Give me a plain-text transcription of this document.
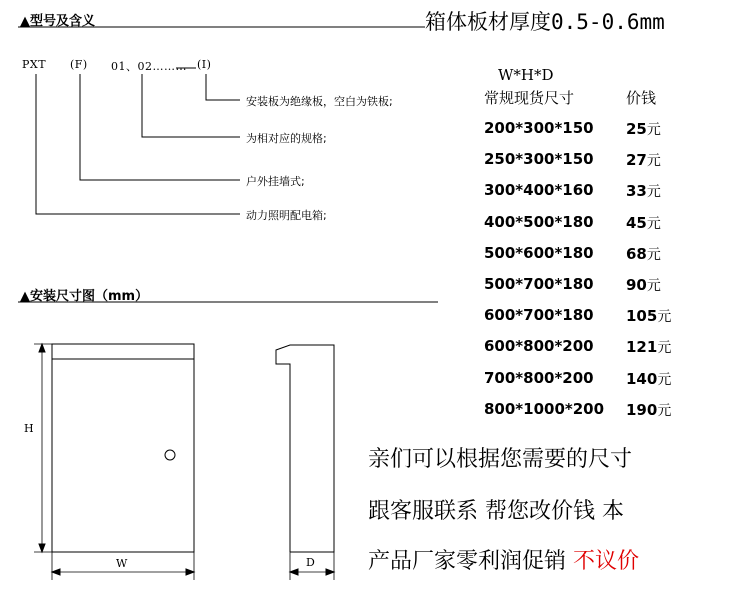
▲型号及含义
PXT (F) 01、02……… (I)
安装板为绝缘板，空白为铁板;
为相对应的规格;
户外挂墙式;
动力照明配电箱;
▲安装尺寸图（mm）
H
W	D
箱体板材厚度0.5-0.6mm
W*H*D
常规现货尺寸	价钱
200*300*150 25元
250*300*150 27元
300*400*160 33元
400*500*180 45元
500*600*180 68元
500*700*180 90元
600*700*180 105元
600*800*200 121元
700*800*200 140元
800*1000*200 190元
亲们可以根据您需要的尺寸
跟客服联系 帮您改价钱 本
产品厂家零利润促销 不议价
